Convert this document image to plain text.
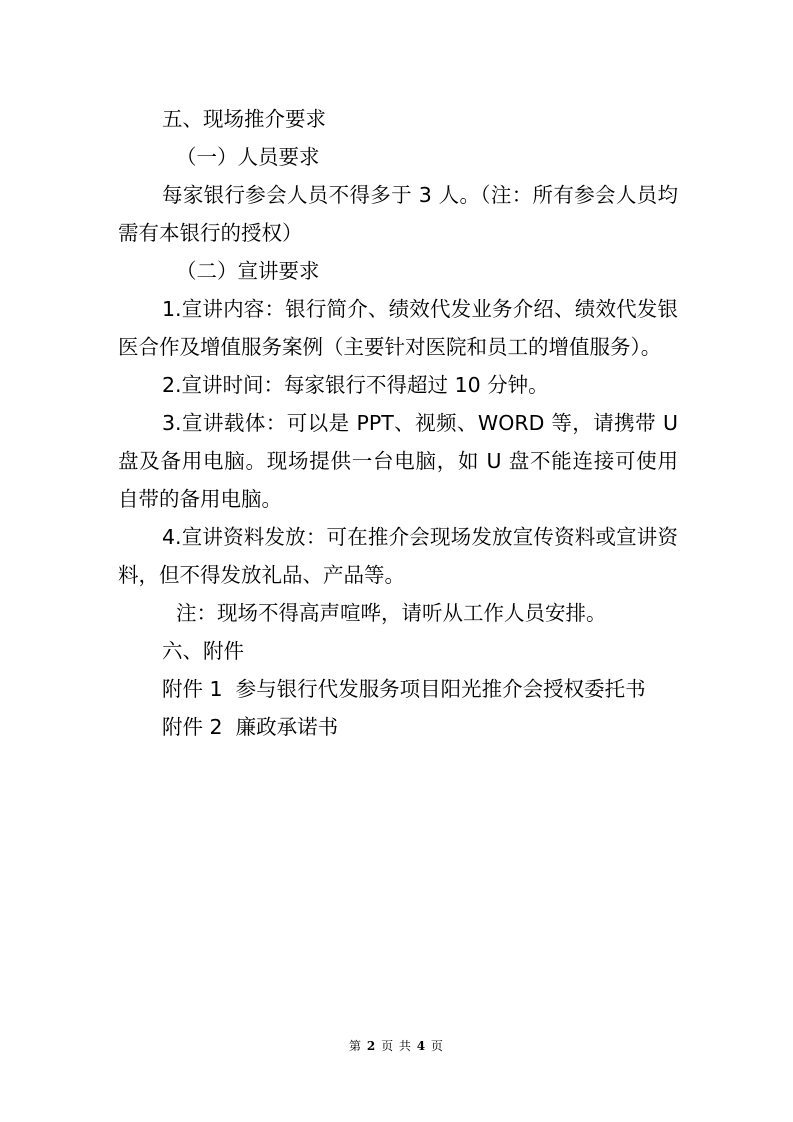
五、现场推介要求

（一）人员要求

每家银行参会人员不得多于 3 人。（注：所有参会人员均需有本银行的授权）

（二）宣讲要求

1.宣讲内容：银行简介、绩效代发业务介绍、绩效代发银医合作及增值服务案例（主要针对医院和员工的增值服务）。

2.宣讲时间：每家银行不得超过 10 分钟。

3.宣讲载体：可以是 PPT、视频、WORD 等，请携带 U 盘及备用电脑。现场提供一台电脑，如 U 盘不能连接可使用自带的备用电脑。

4.宣讲资料发放：可在推介会现场发放宣传资料或宣讲资料，但不得发放礼品、产品等。

注：现场不得高声喧哗，请听从工作人员安排。

六、附件

附件 1  参与银行代发服务项目阳光推介会授权委托书

附件 2  廉政承诺书

第 2 页 共 4 页
